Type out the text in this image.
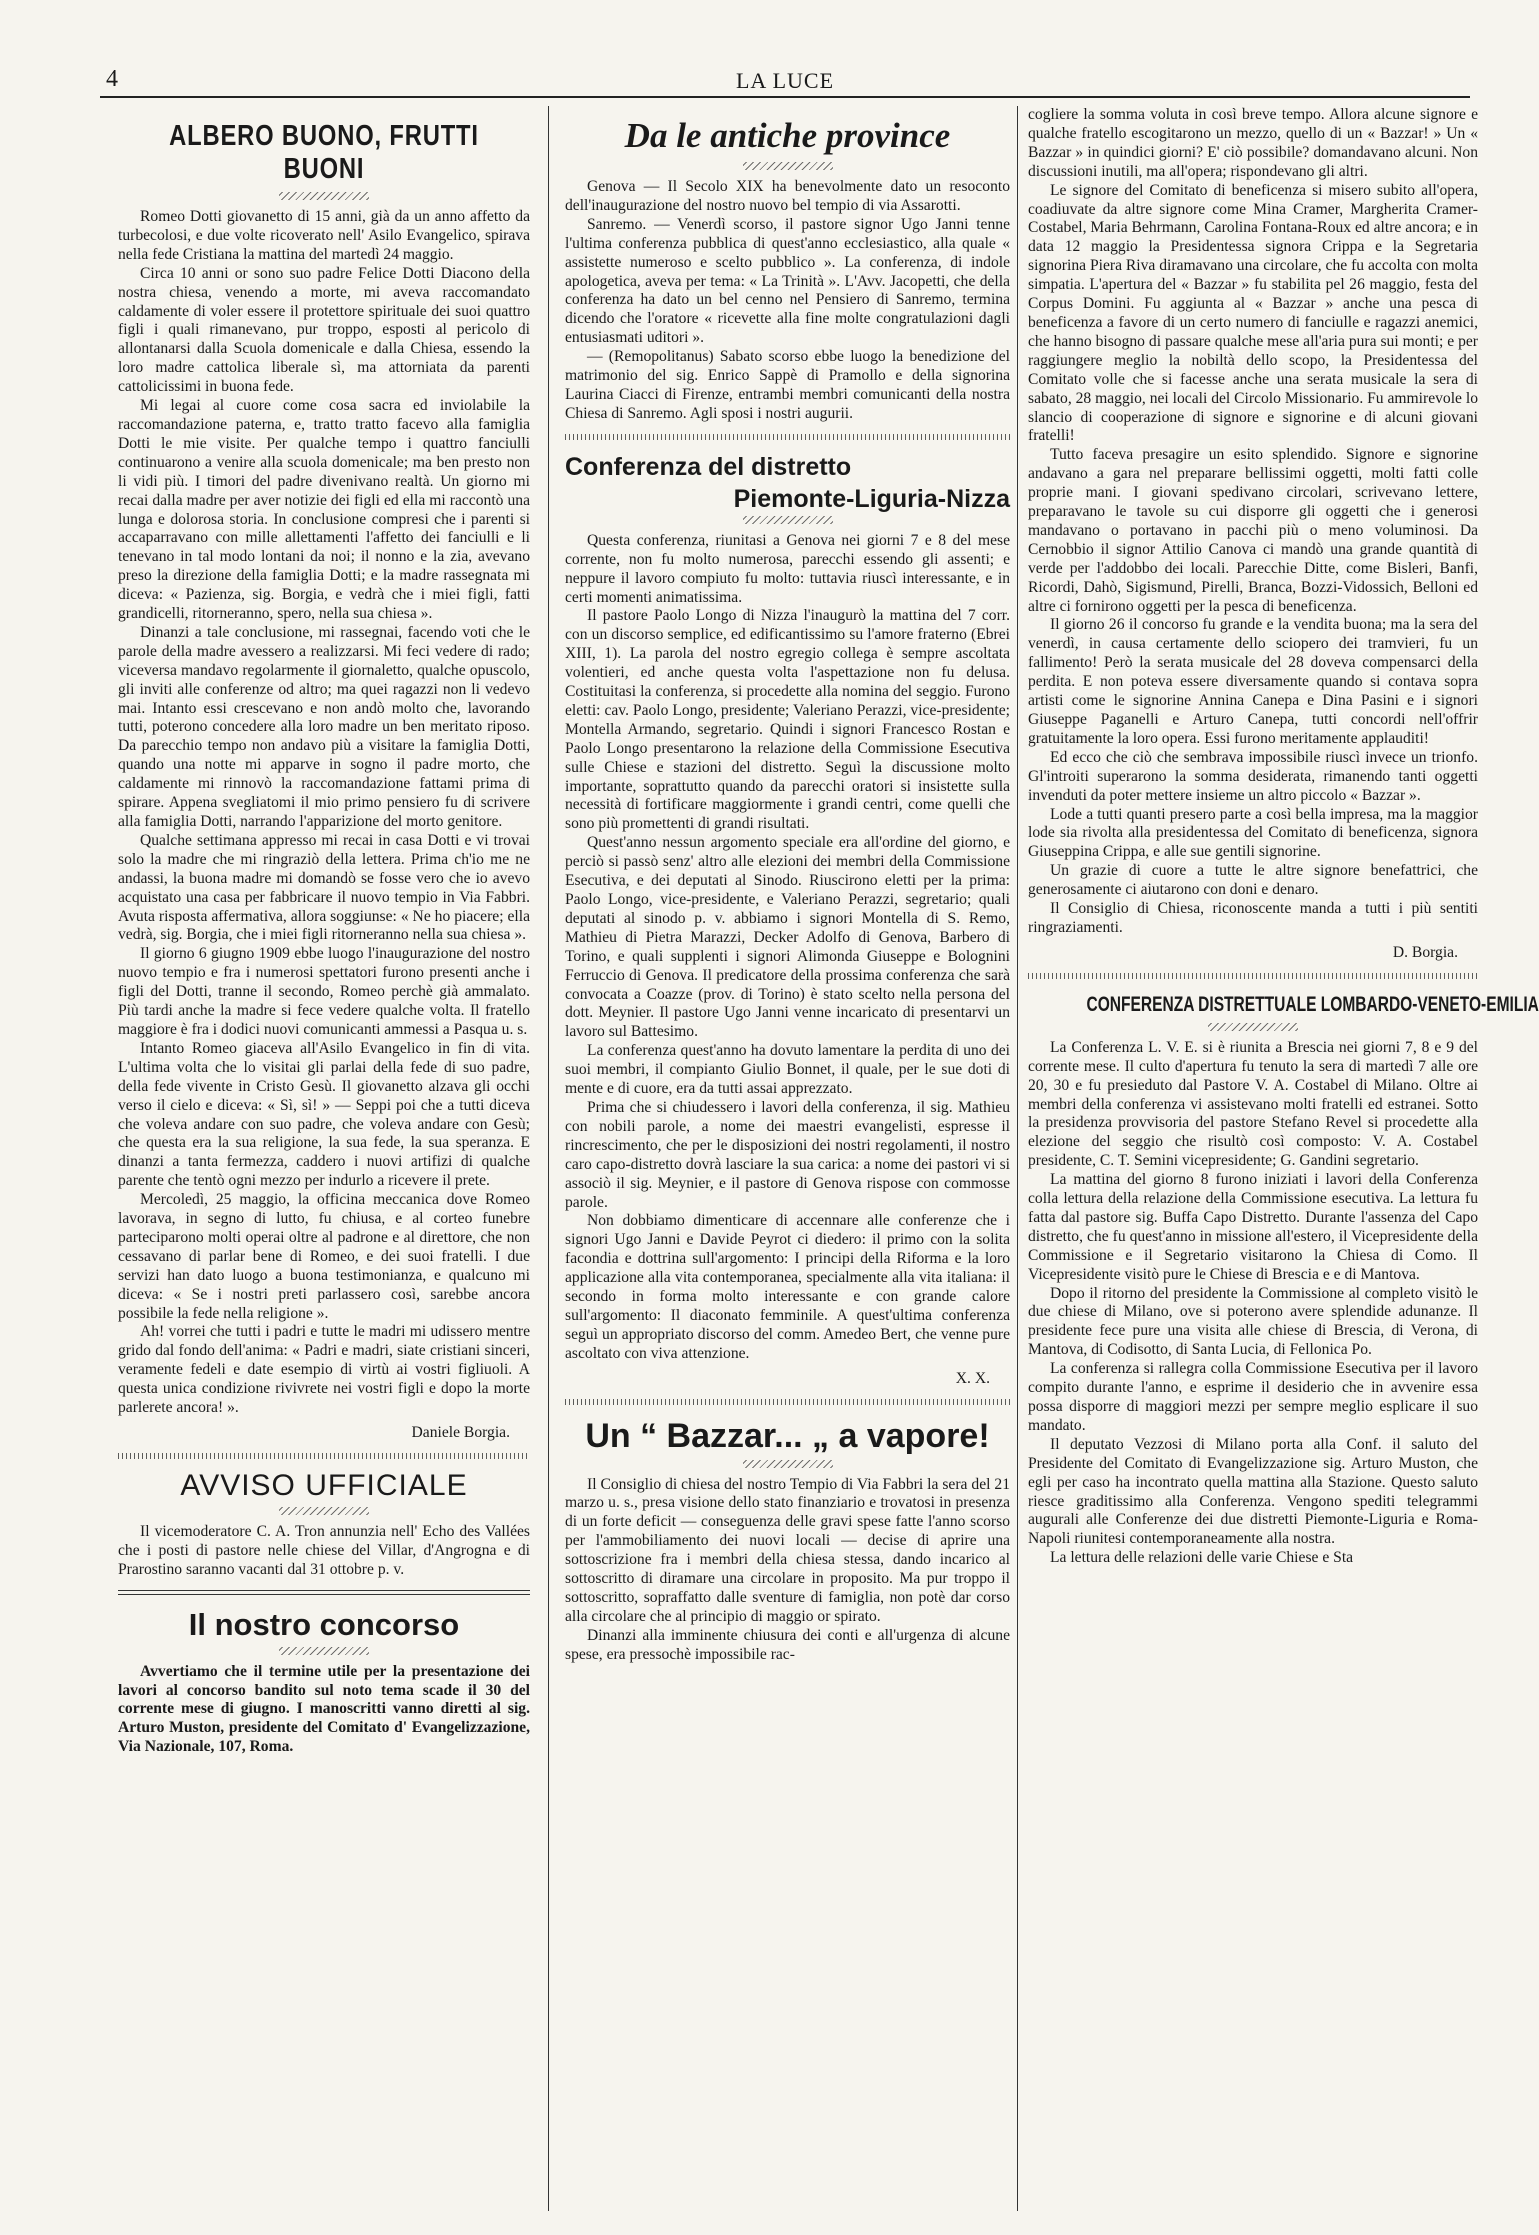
4	LA LUCE
ALBERO BUONO, FRUTTI BUONI

Romeo Dotti giovanetto di 15 anni, già da un anno affetto da turbecolosi, e due volte ricoverato nell' Asilo Evangelico, spirava nella fede Cristiana la mattina del martedì 24 maggio.

Circa 10 anni or sono suo padre Felice Dotti Diacono della nostra chiesa, venendo a morte, mi aveva raccomandato caldamente di voler essere il protettore spirituale dei suoi quattro figli i quali rimanevano, pur troppo, esposti al pericolo di allontanarsi dalla Scuola domenicale e dalla Chiesa, essendo la loro madre cattolica liberale sì, ma attorniata da parenti cattolicissimi in buona fede.

Mi legai al cuore come cosa sacra ed inviolabile la raccomandazione paterna, e, tratto tratto facevo alla famiglia Dotti le mie visite. Per qualche tempo i quattro fanciulli continuarono a venire alla scuola domenicale; ma ben presto non li vidi più. I timori del padre divenivano realtà. Un giorno mi recai dalla madre per aver notizie dei figli ed ella mi raccontò una lunga e dolorosa storia. In conclusione compresi che i parenti si accaparravano con mille allettamenti l'affetto dei fanciulli e li tenevano in tal modo lontani da noi; il nonno e la zia, avevano preso la direzione della famiglia Dotti; e la madre rassegnata mi diceva: « Pazienza, sig. Borgia, e vedrà che i miei figli, fatti grandicelli, ritorneranno, spero, nella sua chiesa ».

Dinanzi a tale conclusione, mi rassegnai, facendo voti che le parole della madre avessero a realizzarsi. Mi feci vedere di rado; viceversa mandavo regolarmente il giornaletto, qualche opuscolo, gli inviti alle conferenze od altro; ma quei ragazzi non li vedevo mai. Intanto essi crescevano e non andò molto che, lavorando tutti, poterono concedere alla loro madre un ben meritato riposo. Da parecchio tempo non andavo più a visitare la famiglia Dotti, quando una notte mi apparve in sogno il padre morto, che caldamente mi rinnovò la raccomandazione fattami prima di spirare. Appena svegliatomi il mio primo pensiero fu di scrivere alla famiglia Dotti, narrando l'apparizione del morto genitore.

Qualche settimana appresso mi recai in casa Dotti e vi trovai solo la madre che mi ringraziò della lettera. Prima ch'io me ne andassi, la buona madre mi domandò se fosse vero che io avevo acquistato una casa per fabbricare il nuovo tempio in Via Fabbri. Avuta risposta affermativa, allora soggiunse: « Ne ho piacere; ella vedrà, sig. Borgia, che i miei figli ritorneranno nella sua chiesa ».

Il giorno 6 giugno 1909 ebbe luogo l'inaugurazione del nostro nuovo tempio e fra i numerosi spettatori furono presenti anche i figli del Dotti, tranne il secondo, Romeo perchè già ammalato. Più tardi anche la madre si fece vedere qualche volta. Il fratello maggiore è fra i dodici nuovi comunicanti ammessi a Pasqua u. s.

Intanto Romeo giaceva all'Asilo Evangelico in fin di vita. L'ultima volta che lo visitai gli parlai della fede di suo padre, della fede vivente in Cristo Gesù. Il giovanetto alzava gli occhi verso il cielo e diceva: « Sì, sì! » — Seppi poi che a tutti diceva che voleva andare con suo padre, che voleva andare con Gesù; che questa era la sua religione, la sua fede, la sua speranza. E dinanzi a tanta fermezza, caddero i nuovi artifizi di qualche parente che tentò ogni mezzo per indurlo a ricevere il prete.

Mercoledì, 25 maggio, la officina meccanica dove Romeo lavorava, in segno di lutto, fu chiusa, e al corteo funebre parteciparono molti operai oltre al padrone e al direttore, che non cessavano di parlar bene di Romeo, e dei suoi fratelli. I due servizi han dato luogo a buona testimonianza, e qualcuno mi diceva: « Se i nostri preti parlassero così, sarebbe ancora possibile la fede nella religione ».

Ah! vorrei che tutti i padri e tutte le madri mi udissero mentre grido dal fondo dell'anima: « Padri e madri, siate cristiani sinceri, veramente fedeli e date esempio di virtù ai vostri figliuoli. A questa unica condizione rivivrete nei vostri figli e dopo la morte parlerete ancora! ».

Daniele Borgia.

AVVISO UFFICIALE

Il vicemoderatore C. A. Tron annunzia nell' Echo des Vallées che i posti di pastore nelle chiese del Villar, d'Angrogna e di Prarostino saranno vacanti dal 31 ottobre p. v.

Il nostro concorso

Avvertiamo che il termine utile per la presentazione dei lavori al concorso bandito sul noto tema scade il 30 del corrente mese di giugno. I manoscritti vanno diretti al sig. Arturo Muston, presidente del Comitato d' Evangelizzazione, Via Nazionale, 107, Roma.

Da le antiche province

Genova — Il Secolo XIX ha benevolmente dato un resoconto dell'inaugurazione del nostro nuovo bel tempio di via Assarotti.

Sanremo. — Venerdì scorso, il pastore signor Ugo Janni tenne l'ultima conferenza pubblica di quest'anno ecclesiastico, alla quale « assistette numeroso e scelto pubblico ». La conferenza, di indole apologetica, aveva per tema: « La Trinità ». L'Avv. Jacopetti, che della conferenza ha dato un bel cenno nel Pensiero di Sanremo, termina dicendo che l'oratore « ricevette alla fine molte congratulazioni dagli entusiasmati uditori ».

— (Remopolitanus) Sabato scorso ebbe luogo la benedizione del matrimonio del sig. Enrico Sappè di Pramollo e della signorina Laurina Ciacci di Firenze, entrambi membri comunicanti della nostra Chiesa di Sanremo. Agli sposi i nostri augurii.

Conferenza del distretto
Piemonte-Liguria-Nizza

Questa conferenza, riunitasi a Genova nei giorni 7 e 8 del mese corrente, non fu molto numerosa, parecchi essendo gli assenti; e neppure il lavoro compiuto fu molto: tuttavia riuscì interessante, e in certi momenti animatissima.

Il pastore Paolo Longo di Nizza l'inaugurò la mattina del 7 corr. con un discorso semplice, ed edificantissimo su l'amore fraterno (Ebrei XIII, 1). La parola del nostro egregio collega è sempre ascoltata volentieri, ed anche questa volta l'aspettazione non fu delusa. Costituitasi la conferenza, si procedette alla nomina del seggio. Furono eletti: cav. Paolo Longo, presidente; Valeriano Perazzi, vice-presidente; Montella Armando, segretario. Quindi i signori Francesco Rostan e Paolo Longo presentarono la relazione della Commissione Esecutiva sulle Chiese e stazioni del distretto. Seguì la discussione molto importante, soprattutto quando da parecchi oratori si insistette sulla necessità di fortificare maggiormente i grandi centri, come quelli che sono più promettenti di grandi risultati.

Quest'anno nessun argomento speciale era all'ordine del giorno, e perciò si passò senz' altro alle elezioni dei membri della Commissione Esecutiva, e dei deputati al Sinodo. Riuscirono eletti per la prima: Paolo Longo, vice-presidente, e Valeriano Perazzi, segretario; quali deputati al sinodo p. v. abbiamo i signori Montella di S. Remo, Mathieu di Pietra Marazzi, Decker Adolfo di Genova, Barbero di Torino, e quali supplenti i signori Alimonda Giuseppe e Bolognini Ferruccio di Genova. Il predicatore della prossima conferenza che sarà convocata a Coazze (prov. di Torino) è stato scelto nella persona del dott. Meynier. Il pastore Ugo Janni venne incaricato di presentarvi un lavoro sul Battesimo.

La conferenza quest'anno ha dovuto lamentare la perdita di uno dei suoi membri, il compianto Giulio Bonnet, il quale, per le sue doti di mente e di cuore, era da tutti assai apprezzato.

Prima che si chiudessero i lavori della conferenza, il sig. Mathieu con nobili parole, a nome dei maestri evangelisti, espresse il rincrescimento, che per le disposizioni dei nostri regolamenti, il nostro caro capo-distretto dovrà lasciare la sua carica: a nome dei pastori vi si associò il sig. Meynier, e il pastore di Genova rispose con commosse parole.

Non dobbiamo dimenticare di accennare alle conferenze che i signori Ugo Janni e Davide Peyrot ci diedero: il primo con la solita facondia e dottrina sull'argomento: I principi della Riforma e la loro applicazione alla vita contemporanea, specialmente alla vita italiana: il secondo in forma molto interessante e con grande calore sull'argomento: Il diaconato femminile. A quest'ultima conferenza seguì un appropriato discorso del comm. Amedeo Bert, che venne pure ascoltato con viva attenzione.

X. X.

Un “ Bazzar... „ a vapore!

Il Consiglio di chiesa del nostro Tempio di Via Fabbri la sera del 21 marzo u. s., presa visione dello stato finanziario e trovatosi in presenza di un forte deficit — conseguenza delle gravi spese fatte l'anno scorso per l'ammobiliamento dei nuovi locali — decise di aprire una sottoscrizione fra i membri della chiesa stessa, dando incarico al sottoscritto di diramare una circolare in proposito. Ma pur troppo il sottoscritto, sopraffatto dalle sventure di famiglia, non potè dar corso alla circolare che al principio di maggio or spirato.

Dinanzi alla imminente chiusura dei conti e all'urgenza di alcune spese, era pressochè impossibile rac-

cogliere la somma voluta in così breve tempo. Allora alcune signore e qualche fratello escogitarono un mezzo, quello di un « Bazzar! » Un « Bazzar » in quindici giorni? E' ciò possibile? domandavano alcuni. Non discussioni inutili, ma all'opera; rispondevano gli altri.

Le signore del Comitato di beneficenza si misero subito all'opera, coadiuvate da altre signore come Mina Cramer, Margherita Cramer-Costabel, Maria Behrmann, Carolina Fontana-Roux ed altre ancora; e in data 12 maggio la Presidentessa signora Crippa e la Segretaria signorina Piera Riva diramavano una circolare, che fu accolta con molta simpatia. L'apertura del « Bazzar » fu stabilita pel 26 maggio, festa del Corpus Domini. Fu aggiunta al « Bazzar » anche una pesca di beneficenza a favore di un certo numero di fanciulle e ragazzi anemici, che hanno bisogno di passare qualche mese all'aria pura sui monti; e per raggiungere meglio la nobiltà dello scopo, la Presidentessa del Comitato volle che si facesse anche una serata musicale la sera di sabato, 28 maggio, nei locali del Circolo Missionario. Fu ammirevole lo slancio di cooperazione di signore e signorine e di alcuni giovani fratelli!

Tutto faceva presagire un esito splendido. Signore e signorine andavano a gara nel preparare bellissimi oggetti, molti fatti colle proprie mani. I giovani spedivano circolari, scrivevano lettere, preparavano le tavole su cui disporre gli oggetti che i generosi mandavano o portavano in pacchi più o meno voluminosi. Da Cernobbio il signor Attilio Canova ci mandò una grande quantità di verde per l'addobbo dei locali. Parecchie Ditte, come Bisleri, Banfi, Ricordi, Dahò, Sigismund, Pirelli, Branca, Bozzi-Vidossich, Belloni ed altre ci fornirono oggetti per la pesca di beneficenza.

Il giorno 26 il concorso fu grande e la vendita buona; ma la sera del venerdì, in causa certamente dello sciopero dei tramvieri, fu un fallimento! Però la serata musicale del 28 doveva compensarci della perdita. E non poteva essere diversamente quando si contava sopra artisti come le signorine Annina Canepa e Dina Pasini e i signori Giuseppe Paganelli e Arturo Canepa, tutti concordi nell'offrir gratuitamente la loro opera. Essi furono meritamente applauditi!

Ed ecco che ciò che sembrava impossibile riuscì invece un trionfo. Gl'introiti superarono la somma desiderata, rimanendo tanti oggetti invenduti da poter mettere insieme un altro piccolo « Bazzar ».

Lode a tutti quanti presero parte a così bella impresa, ma la maggior lode sia rivolta alla presidentessa del Comitato di beneficenza, signora Giuseppina Crippa, e alle sue gentili signorine.

Un grazie di cuore a tutte le altre signore benefattrici, che generosamente ci aiutarono con doni e denaro.

Il Consiglio di Chiesa, riconoscente manda a tutti i più sentiti ringraziamenti.

D. Borgia.

CONFERENZA DISTRETTUALE LOMBARDO-VENETO-EMILIA

La Conferenza L. V. E. si è riunita a Brescia nei giorni 7, 8 e 9 del corrente mese. Il culto d'apertura fu tenuto la sera di martedì 7 alle ore 20, 30 e fu presieduto dal Pastore V. A. Costabel di Milano. Oltre ai membri della conferenza vi assistevano molti fratelli ed estranei. Sotto la presidenza provvisoria del pastore Stefano Revel si procedette alla elezione del seggio che risultò così composto: V. A. Costabel presidente, C. T. Semini vicepresidente; G. Gandini segretario.

La mattina del giorno 8 furono iniziati i lavori della Conferenza colla lettura della relazione della Commissione esecutiva. La lettura fu fatta dal pastore sig. Buffa Capo Distretto. Durante l'assenza del Capo distretto, che fu quest'anno in missione all'estero, il Vicepresidente della Commissione e il Segretario visitarono la Chiesa di Como. Il Vicepresidente visitò pure le Chiese di Brescia e e di Mantova.

Dopo il ritorno del presidente la Commissione al completo visitò le due chiese di Milano, ove si poterono avere splendide adunanze. Il presidente fece pure una visita alle chiese di Brescia, di Verona, di Mantova, di Codisotto, di Santa Lucia, di Fellonica Po.

La conferenza si rallegra colla Commissione Esecutiva per il lavoro compito durante l'anno, e esprime il desiderio che in avvenire essa possa disporre di maggiori mezzi per sempre meglio esplicare il suo mandato.

Il deputato Vezzosi di Milano porta alla Conf. il saluto del Presidente del Comitato di Evangelizzazione sig. Arturo Muston, che egli per caso ha incontrato quella mattina alla Stazione. Questo saluto riesce graditissimo alla Conferenza. Vengono spediti telegrammi augurali alle Conferenze dei due distretti Piemonte-Liguria e Roma-Napoli riunitesi contemporaneamente alla nostra.

La lettura delle relazioni delle varie Chiese e Sta
